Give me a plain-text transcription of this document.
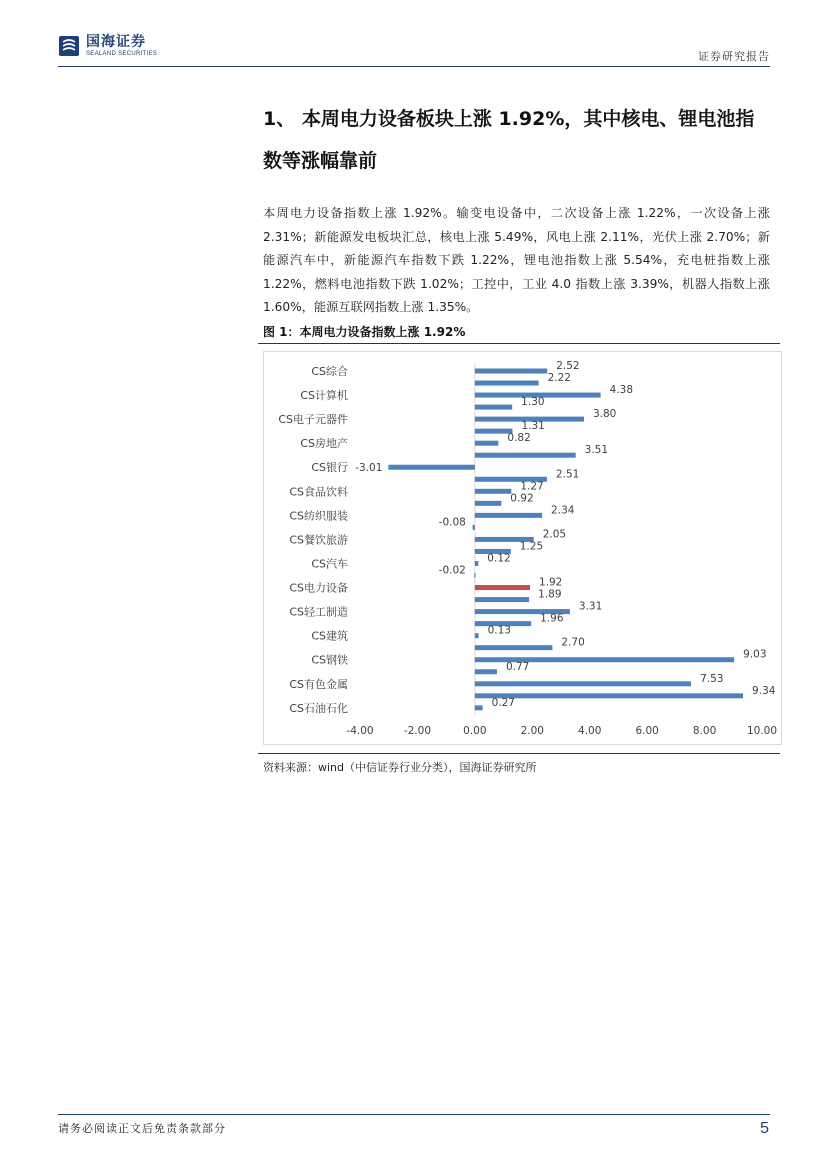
国海证券
SEALAND SECURITIES	证券研究报告
1、 本周电力设备板块上涨 1.92%，其中核电、锂电池指数等涨幅靠前
本周电力设备指数上涨 1.92%。输变电设备中，二次设备上涨 1.22%，一次设备上涨 2.31%；新能源发电板块汇总，核电上涨 5.49%，风电上涨 2.11%，光伏上涨 2.70%；新能源汽车中，新能源汽车指数下跌 1.22%，锂电池指数上涨 5.54%，充电桩指数上涨 1.22%，燃料电池指数下跌 1.02%；工控中，工业 4.0 指数上涨 3.39%，机器人指数上涨 1.60%，能源互联网指数上涨 1.35%。
图 1：本周电力设备指数上涨 1.92%
2.52
CS综合
2.22
4.38
CS计算机
1.30
3.80
CS电子元器件
1.31
0.82
CS房地产
3.51
-3.01
CS银行
2.51
1.27
CS食品饮料
0.92
2.34
CS纺织服装
-0.08
2.05
CS餐饮旅游
1.25
0.12
CS汽车
-0.02
1.92
CS电力设备
1.89
3.31
CS轻工制造
1.96
0.13
CS建筑
2.70
9.03
CS钢铁
0.77
7.53
CS有色金属
9.34
0.27
CS石油石化
-4.00	-2.00	0.00	2.00	4.00	6.00	8.00	10.00
资料来源：wind（中信证券行业分类），国海证券研究所
请务必阅读正文后免责条款部分	5
